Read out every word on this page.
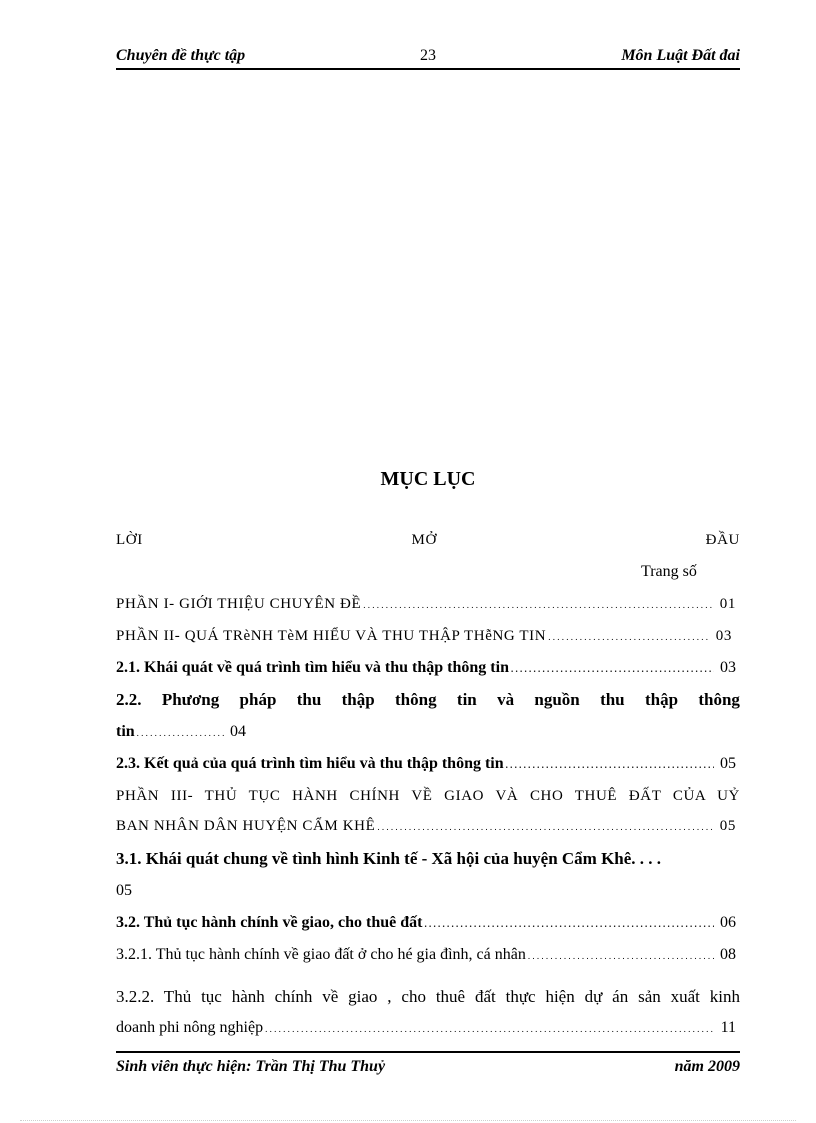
Chuyên đề thực tập	23	Môn Luật Đất đai
MỤC LỤC
LỜI	MỞ	ĐẦU
Trang số
PHẦN I- GIỚI THIỆU CHUYÊN ĐỀ . . .	01
PHẦN II- QUÁ TRèNH TèM HIỂU VÀ THU THẬP THễNG TIN . . .	03
2.1. Khái quát về quá trình tìm hiểu và thu thập thông tin . . .	03
2.2. Phương pháp thu thập thông tin và nguồn thu thập thông
tin . . .	04
2.3. Kết quả của quá trình tìm hiểu và thu thập thông tin . . .	05
PHẦN III- THỦ TỤC HÀNH CHÍNH VỀ GIAO VÀ CHO THUÊ ĐẤT CỦA UỶ
BAN NHÂN DÂN HUYỆN CẨM KHÊ . . .	05
3.1. Khái quát chung về tình hình Kinh tế - Xã hội của huyện Cẩm Khê. . . .
05
3.2. Thủ tục hành chính về giao, cho thuê đất . . .	06
3.2.1. Thủ tục hành chính về giao đất ở cho hé gia đình, cá nhân . . .	08
3.2.2. Thủ tục hành chính về giao , cho thuê đất thực hiện dự án sản xuất kinh
doanh phi nông nghiệp . . .	11
Sinh viên thực hiện: Trần Thị Thu Thuỷ	năm 2009
